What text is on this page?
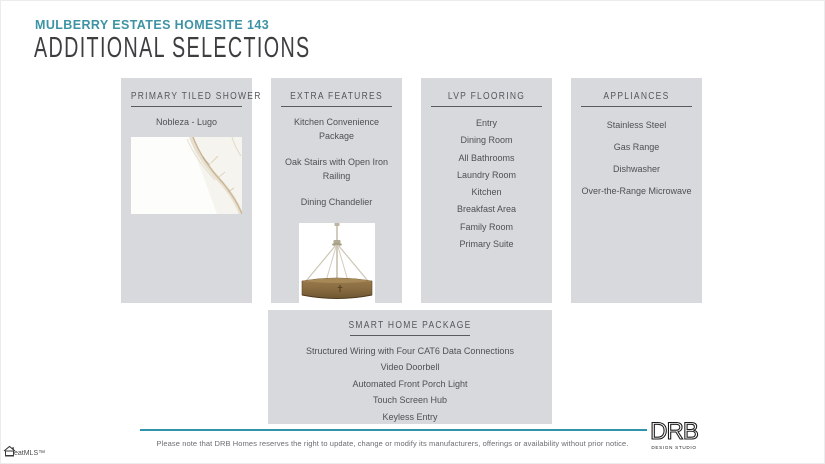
MULBERRY ESTATES HOMESITE 143
ADDITIONAL SELECTIONS
PRIMARY TILED SHOWER
Nobleza - Lugo
EXTRA FEATURES
Kitchen Convenience Package
Oak Stairs with Open Iron Railing
Dining Chandelier
LVP FLOORING
Entry
Dining Room
All Bathrooms
Laundry Room
Kitchen
Breakfast Area
Family Room
Primary Suite
APPLIANCES
Stainless Steel
Gas Range
Dishwasher
Over-the-Range Microwave
SMART HOME PACKAGE
Structured Wiring with Four CAT6 Data Connections
Video Doorbell
Automated Front Porch Light
Touch Screen Hub
Keyless Entry
Please note that DRB Homes reserves the right to update, change or modify its manufacturers, offerings or availability without prior notice. DRB
DESIGN STUDIO
eatMLS™
